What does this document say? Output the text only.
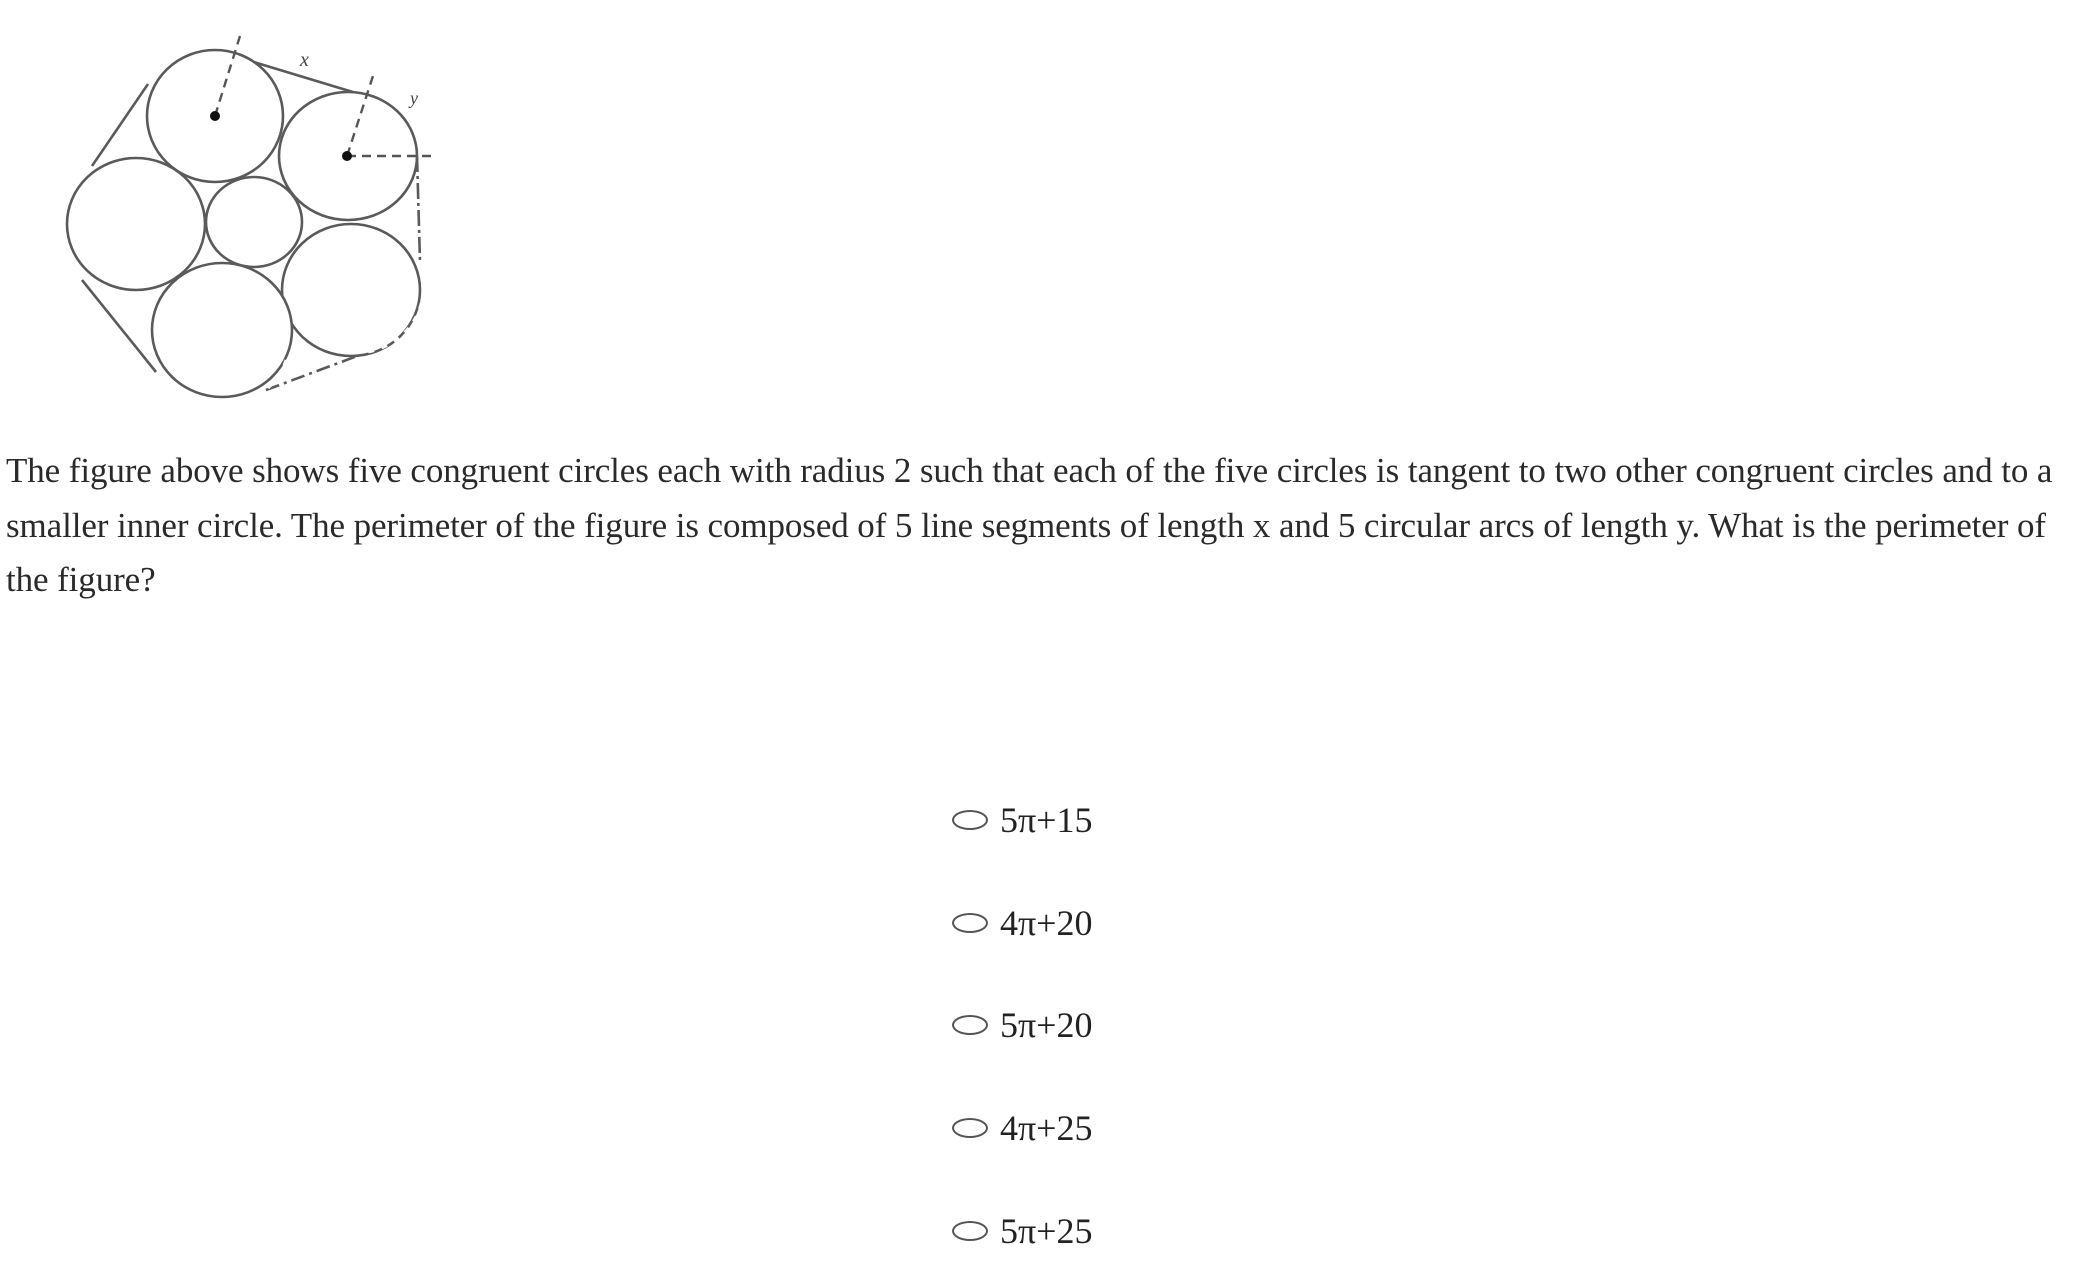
x
y
The figure above shows five congruent circles each with radius 2 such that each of the five circles is tangent to two other congruent circles and to a smaller inner circle. The perimeter of the figure is composed of 5 line segments of length x and 5 circular arcs of length y. What is the perimeter of the figure?
5π+15
4π+20
5π+20
4π+25
5π+25
